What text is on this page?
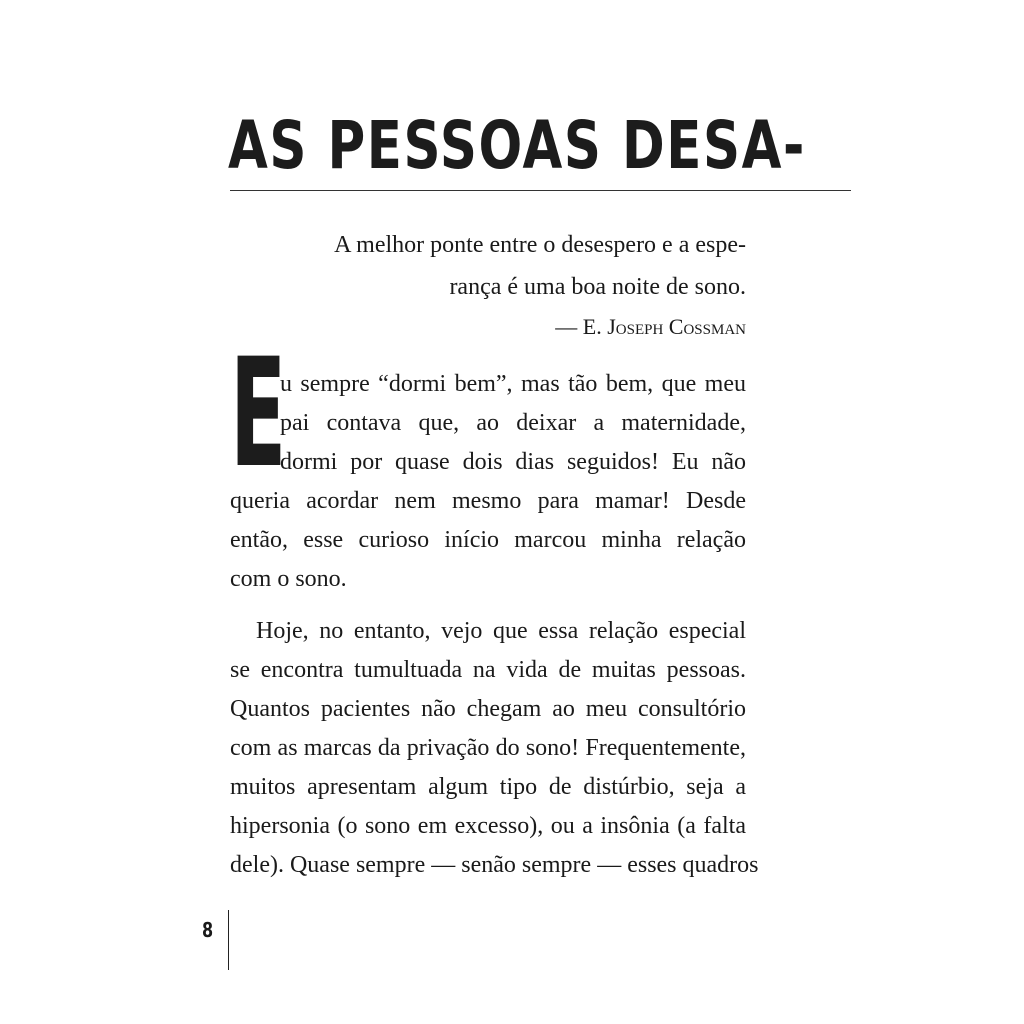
AS PESSOAS DESA-
A melhor ponte entre o desespero e a espe-
rança é uma boa noite de sono.
— E. Joseph Cossman
E
u sempre “dormi bem”, mas tão bem, que meu
pai contava que, ao deixar a maternidade,
dormi por quase dois dias seguidos! Eu não
queria acordar nem mesmo para mamar! Desde
então, esse curioso início marcou minha relação
com o sono.
Hoje, no entanto, vejo que essa relação especial
se encontra tumultuada na vida de muitas pessoas.
Quantos pacientes não chegam ao meu consultório
com as marcas da privação do sono! Frequentemente,
muitos apresentam algum tipo de distúrbio, seja a
hipersonia (o sono em excesso), ou a insônia (a falta
dele). Quase sempre — senão sempre — esses quadros
8
